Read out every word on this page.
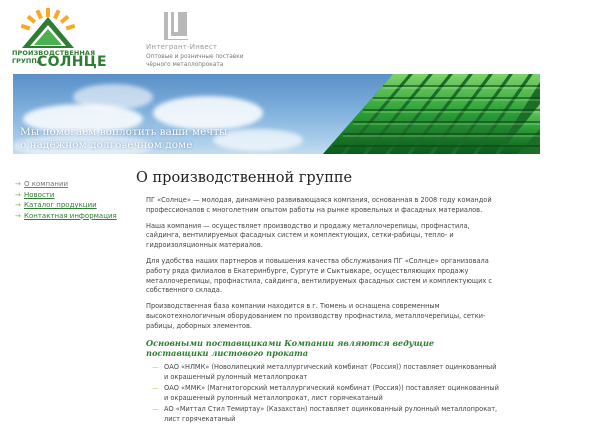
ПРОИЗВОДСТВЕННАЯ
ГРУППА
СОЛНЦЕ
Интегрант-Инвест
Оптовые и розничные поставки чёрного металлопроката
Мы помогаем воплотить ваши мечты
о надёжном долговечном доме
→ О компании
→ Новости
→ Каталог продукции
→ Контактная информация
О производственной группе

ПГ «Солнце» — молодая, динамично развивающаяся компания, основанная в 2008 году командой профессионалов с многолетним опытом работы на рынке кровельных и фасадных материалов.

Наша компания — осуществляет производство и продажу металлочерепицы, профнастила, сайдинга, вентилируемых фасадных систем и комплектующих, сетки-рабицы, тепло- и гидроизоляционных материалов.

Для удобства наших партнеров и повышения качества обслуживания ПГ «Солнце» организовала работу ряда филиалов в Екатеринбурге, Сургуте и Сыктывкаре, осуществляющих продажу металлочерепицы, профнастила, сайдинга, вентилируемых фасадных систем и комплектующих с собственного склада.

Производственная база компании находится в г. Тюмень и оснащена современным высокотехнологичным оборудованием по производству профнастила, металлочерепицы, сетки-рабицы, доборных элементов.

Основными поставщиками Компании являются ведущие поставщики листового проката
— ОАО «НЛМК» (Новолипецкий металлургический комбинат (Россия)) поставляет оцинкованный и окрашенный рулонный металлопрокат
— ОАО «ММК» (Магнитогорский металлургический комбинат (Россия)) поставляет оцинкованный и окрашенный рулонный металлопрокат, лист горячекатаный
— АО «Миттал Стил Темиртау» (Казахстан) поставляет оцинкованный рулонный металлопрокат, лист горячекатаный
